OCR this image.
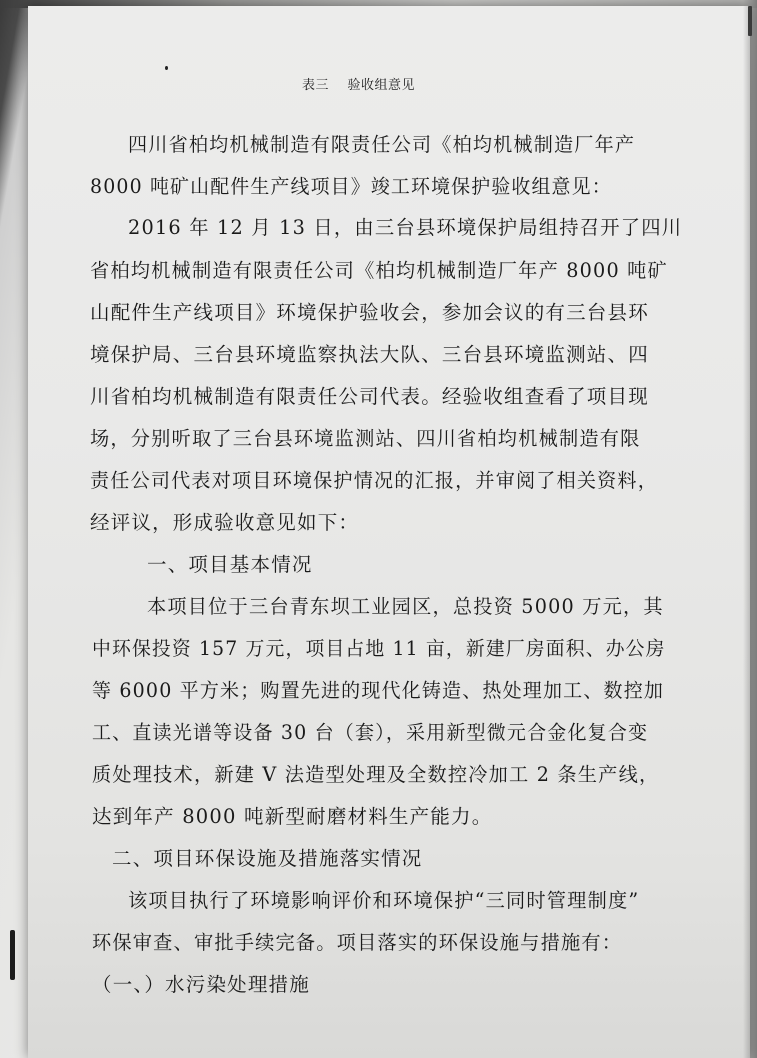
表三    验收组意见
四川省柏均机械制造有限责任公司《柏均机械制造厂年产
8000 吨矿山配件生产线项目》竣工环境保护验收组意见：
2016 年 12 月 13 日，由三台县环境保护局组持召开了四川
省柏均机械制造有限责任公司《柏均机械制造厂年产 8000 吨矿
山配件生产线项目》环境保护验收会，参加会议的有三台县环
境保护局、三台县环境监察执法大队、三台县环境监测站、四
川省柏均机械制造有限责任公司代表。经验收组查看了项目现
场，分别听取了三台县环境监测站、四川省柏均机械制造有限
责任公司代表对项目环境保护情况的汇报，并审阅了相关资料，
经评议，形成验收意见如下：
一、项目基本情况
本项目位于三台青东坝工业园区，总投资 5000 万元，其
中环保投资 157 万元，项目占地 11 亩，新建厂房面积、办公房
等 6000 平方米；购置先进的现代化铸造、热处理加工、数控加
工、直读光谱等设备 30 台（套），采用新型微元合金化复合变
质处理技术，新建 V 法造型处理及全数控冷加工 2 条生产线，
达到年产 8000 吨新型耐磨材料生产能力。
二、项目环保设施及措施落实情况
该项目执行了环境影响评价和环境保护“三同时管理制度”
环保审查、审批手续完备。项目落实的环保设施与措施有：
（一、）水污染处理措施
